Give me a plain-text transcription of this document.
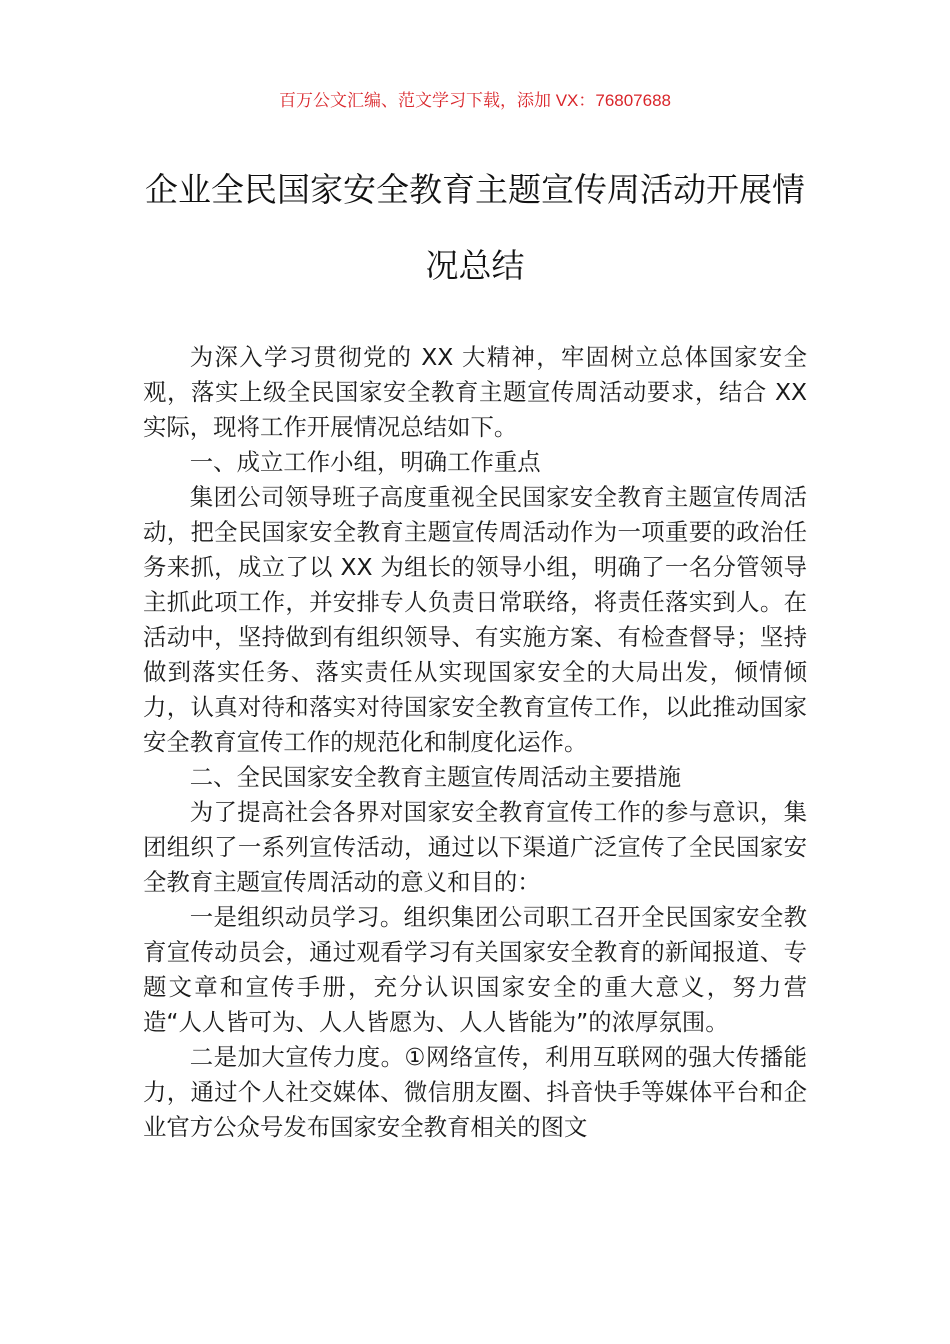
百万公文汇编、范文学习下载，添加 VX：76807688
企业全民国家安全教育主题宣传周活动开展情况总结

为深入学习贯彻党的 XX 大精神，牢固树立总体国家安全观，落实上级全民国家安全教育主题宣传周活动要求，结合 XX 实际，现将工作开展情况总结如下。

一、成立工作小组，明确工作重点

集团公司领导班子高度重视全民国家安全教育主题宣传周活动，把全民国家安全教育主题宣传周活动作为一项重要的政治任务来抓，成立了以 XX 为组长的领导小组，明确了一名分管领导主抓此项工作，并安排专人负责日常联络，将责任落实到人。在活动中，坚持做到有组织领导、有实施方案、有检查督导；坚持做到落实任务、落实责任从实现国家安全的大局出发，倾情倾力，认真对待和落实对待国家安全教育宣传工作，以此推动国家安全教育宣传工作的规范化和制度化运作。

二、全民国家安全教育主题宣传周活动主要措施

为了提高社会各界对国家安全教育宣传工作的参与意识，集团组织了一系列宣传活动，通过以下渠道广泛宣传了全民国家安全教育主题宣传周活动的意义和目的：

一是组织动员学习。组织集团公司职工召开全民国家安全教育宣传动员会，通过观看学习有关国家安全教育的新闻报道、专题文章和宣传手册，充分认识国家安全的重大意义，努力营造“人人皆可为、人人皆愿为、人人皆能为”的浓厚氛围。

二是加大宣传力度。①网络宣传，利用互联网的强大传播能力，通过个人社交媒体、微信朋友圈、抖音快手等媒体平台和企业官方公众号发布国家安全教育相关的图文
